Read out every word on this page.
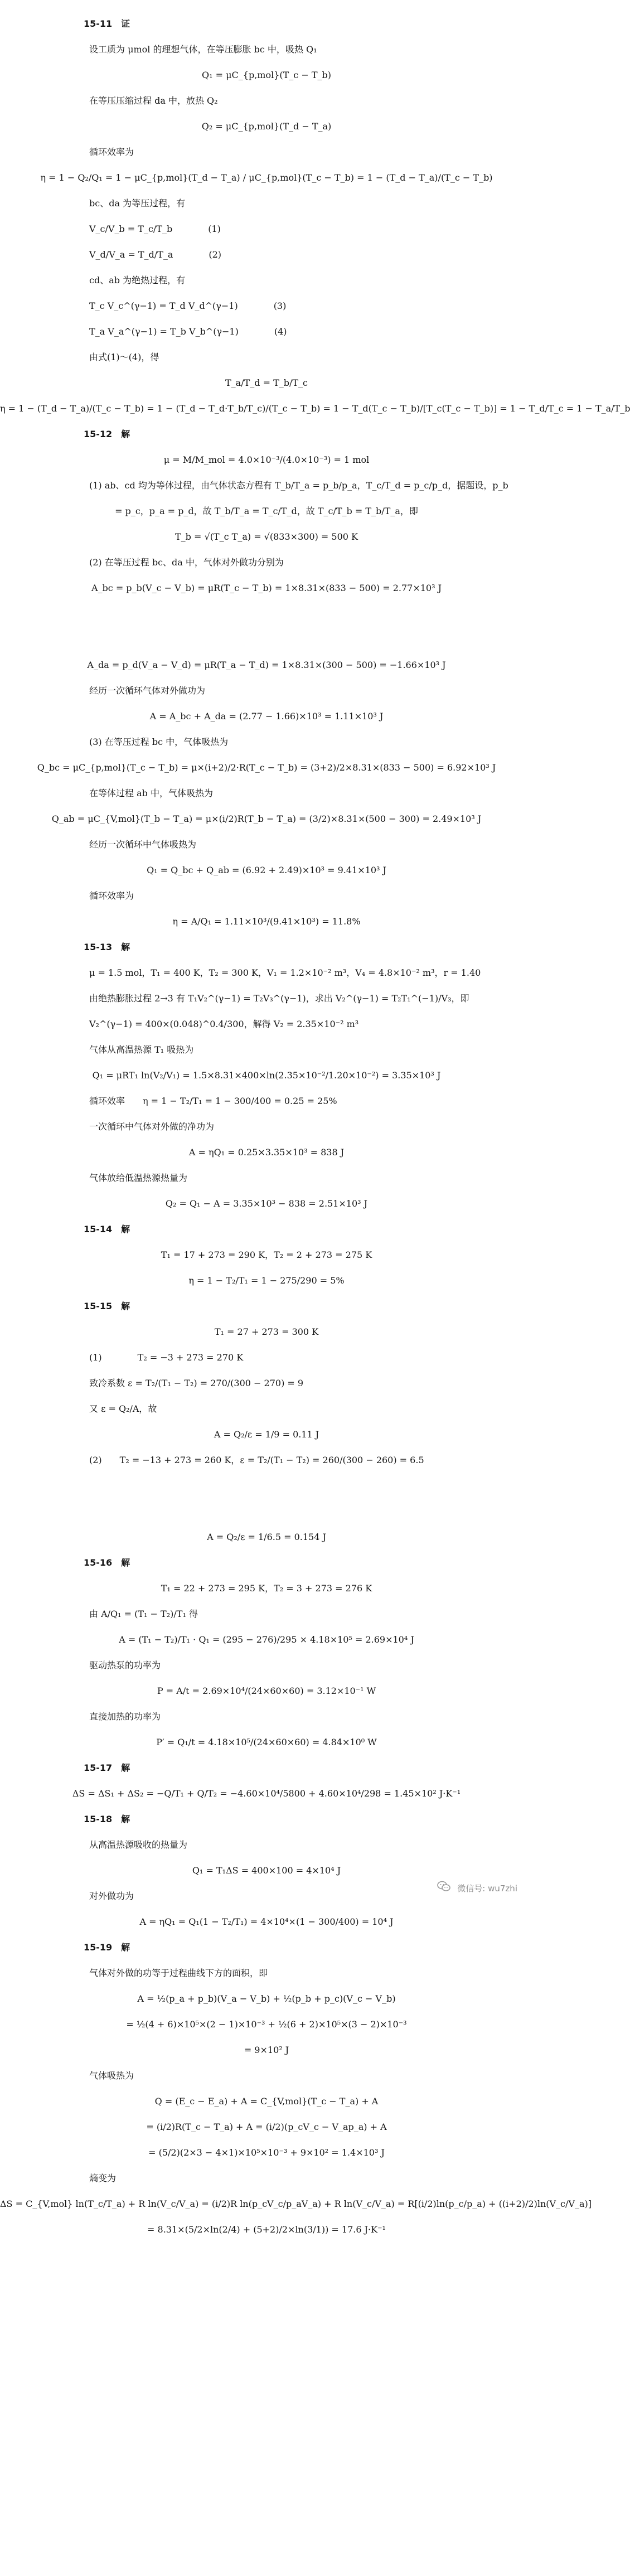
15-11　证
设工质为 μmol 的理想气体，在等压膨胀 bc 中，吸热 Q₁
Q₁ = μC_{p,mol}(T_c − T_b)
在等压压缩过程 da 中，放热 Q₂
Q₂ = μC_{p,mol}(T_d − T_a)
循环效率为
η = 1 − Q₂/Q₁ = 1 − μC_{p,mol}(T_d − T_a) / μC_{p,mol}(T_c − T_b) = 1 − (T_d − T_a)/(T_c − T_b)
bc、da 为等压过程，有
V_c/V_b = T_c/T_b　　　　(1)
V_d/V_a = T_d/T_a　　　　(2)
cd、ab 为绝热过程，有
T_c V_c^(γ−1) = T_d V_d^(γ−1)　　　　(3)
T_a V_a^(γ−1) = T_b V_b^(γ−1)　　　　(4)
由式(1)～(4)，得
T_a/T_d = T_b/T_c
η = 1 − (T_d − T_a)/(T_c − T_b) = 1 − (T_d − T_d·T_b/T_c)/(T_c − T_b) = 1 − T_d(T_c − T_b)/[T_c(T_c − T_b)] = 1 − T_d/T_c = 1 − T_a/T_b
15-12　解
μ = M/M_mol = 4.0×10⁻³/(4.0×10⁻³) = 1 mol
(1) ab、cd 均为等体过程，由气体状态方程有 T_b/T_a = p_b/p_a，T_c/T_d = p_c/p_d，据题设，p_b
= p_c，p_a = p_d，故 T_b/T_a = T_c/T_d，故 T_c/T_b = T_b/T_a，即
T_b = √(T_c T_a) = √(833×300) = 500 K
(2) 在等压过程 bc、da 中，气体对外做功分别为
A_bc = p_b(V_c − V_b) = μR(T_c − T_b) = 1×8.31×(833 − 500) = 2.77×10³ J
A_da = p_d(V_a − V_d) = μR(T_a − T_d) = 1×8.31×(300 − 500) = −1.66×10³ J
经历一次循环气体对外做功为
A = A_bc + A_da = (2.77 − 1.66)×10³ = 1.11×10³ J
(3) 在等压过程 bc 中，气体吸热为
Q_bc = μC_{p,mol}(T_c − T_b) = μ×(i+2)/2·R(T_c − T_b) = (3+2)/2×8.31×(833 − 500) = 6.92×10³ J
在等体过程 ab 中，气体吸热为
Q_ab = μC_{V,mol}(T_b − T_a) = μ×(i/2)R(T_b − T_a) = (3/2)×8.31×(500 − 300) = 2.49×10³ J
经历一次循环中气体吸热为
Q₁ = Q_bc + Q_ab = (6.92 + 2.49)×10³ = 9.41×10³ J
循环效率为
η = A/Q₁ = 1.11×10³/(9.41×10³) = 11.8%
15-13　解
μ = 1.5 mol，T₁ = 400 K，T₂ = 300 K，V₁ = 1.2×10⁻² m³，V₄ = 4.8×10⁻² m³，r = 1.40
由绝热膨胀过程 2→3 有 T₁V₂^(γ−1) = T₂V₃^(γ−1)，求出 V₂^(γ−1) = T₂T₁^(−1)/V₃，即
V₂^(γ−1) = 400×(0.048)^0.4/300，解得 V₂ = 2.35×10⁻² m³
气体从高温热源 T₁ 吸热为
Q₁ = μRT₁ ln(V₂/V₁) = 1.5×8.31×400×ln(2.35×10⁻²/1.20×10⁻²) = 3.35×10³ J
循环效率　　η = 1 − T₂/T₁ = 1 − 300/400 = 0.25 = 25%
一次循环中气体对外做的净功为
A = ηQ₁ = 0.25×3.35×10³ = 838 J
气体放给低温热源热量为
Q₂ = Q₁ − A = 3.35×10³ − 838 = 2.51×10³ J
15-14　解
T₁ = 17 + 273 = 290 K，T₂ = 2 + 273 = 275 K
η = 1 − T₂/T₁ = 1 − 275/290 = 5%
15-15　解
T₁ = 27 + 273 = 300 K
(1)　　　　T₂ = −3 + 273 = 270 K
致冷系数 ε = T₂/(T₁ − T₂) = 270/(300 − 270) = 9
又 ε = Q₂/A，故
A = Q₂/ε = 1/9 = 0.11 J
(2)　　T₂ = −13 + 273 = 260 K，ε = T₂/(T₁ − T₂) = 260/(300 − 260) = 6.5
A = Q₂/ε = 1/6.5 = 0.154 J
15-16　解
T₁ = 22 + 273 = 295 K，T₂ = 3 + 273 = 276 K
由 A/Q₁ = (T₁ − T₂)/T₁ 得
A = (T₁ − T₂)/T₁ · Q₁ = (295 − 276)/295 × 4.18×10⁵ = 2.69×10⁴ J
驱动热泵的功率为
P = A/t = 2.69×10⁴/(24×60×60) = 3.12×10⁻¹ W
直接加热的功率为
P′ = Q₁/t = 4.18×10⁵/(24×60×60) = 4.84×10⁰ W
15-17　解
ΔS = ΔS₁ + ΔS₂ = −Q/T₁ + Q/T₂ = −4.60×10⁴/5800 + 4.60×10⁴/298 = 1.45×10² J·K⁻¹
15-18　解
从高温热源吸收的热量为
Q₁ = T₁ΔS = 400×100 = 4×10⁴ J
对外做功为
A = ηQ₁ = Q₁(1 − T₂/T₁) = 4×10⁴×(1 − 300/400) = 10⁴ J
15-19　解
气体对外做的功等于过程曲线下方的面积，即
A = ½(p_a + p_b)(V_a − V_b) + ½(p_b + p_c)(V_c − V_b)
= ½(4 + 6)×10⁵×(2 − 1)×10⁻³ + ½(6 + 2)×10⁵×(3 − 2)×10⁻³
= 9×10² J
气体吸热为
Q = (E_c − E_a) + A = C_{V,mol}(T_c − T_a) + A
= (i/2)R(T_c − T_a) + A = (i/2)(p_cV_c − V_ap_a) + A
= (5/2)(2×3 − 4×1)×10⁵×10⁻³ + 9×10² = 1.4×10³ J
熵变为
ΔS = C_{V,mol} ln(T_c/T_a) + R ln(V_c/V_a) = (i/2)R ln(p_cV_c/p_aV_a) + R ln(V_c/V_a) = R[(i/2)ln(p_c/p_a) + ((i+2)/2)ln(V_c/V_a)]
= 8.31×(5/2×ln(2/4) + (5+2)/2×ln(3/1)) = 17.6 J·K⁻¹
微信号: wu7zhi
